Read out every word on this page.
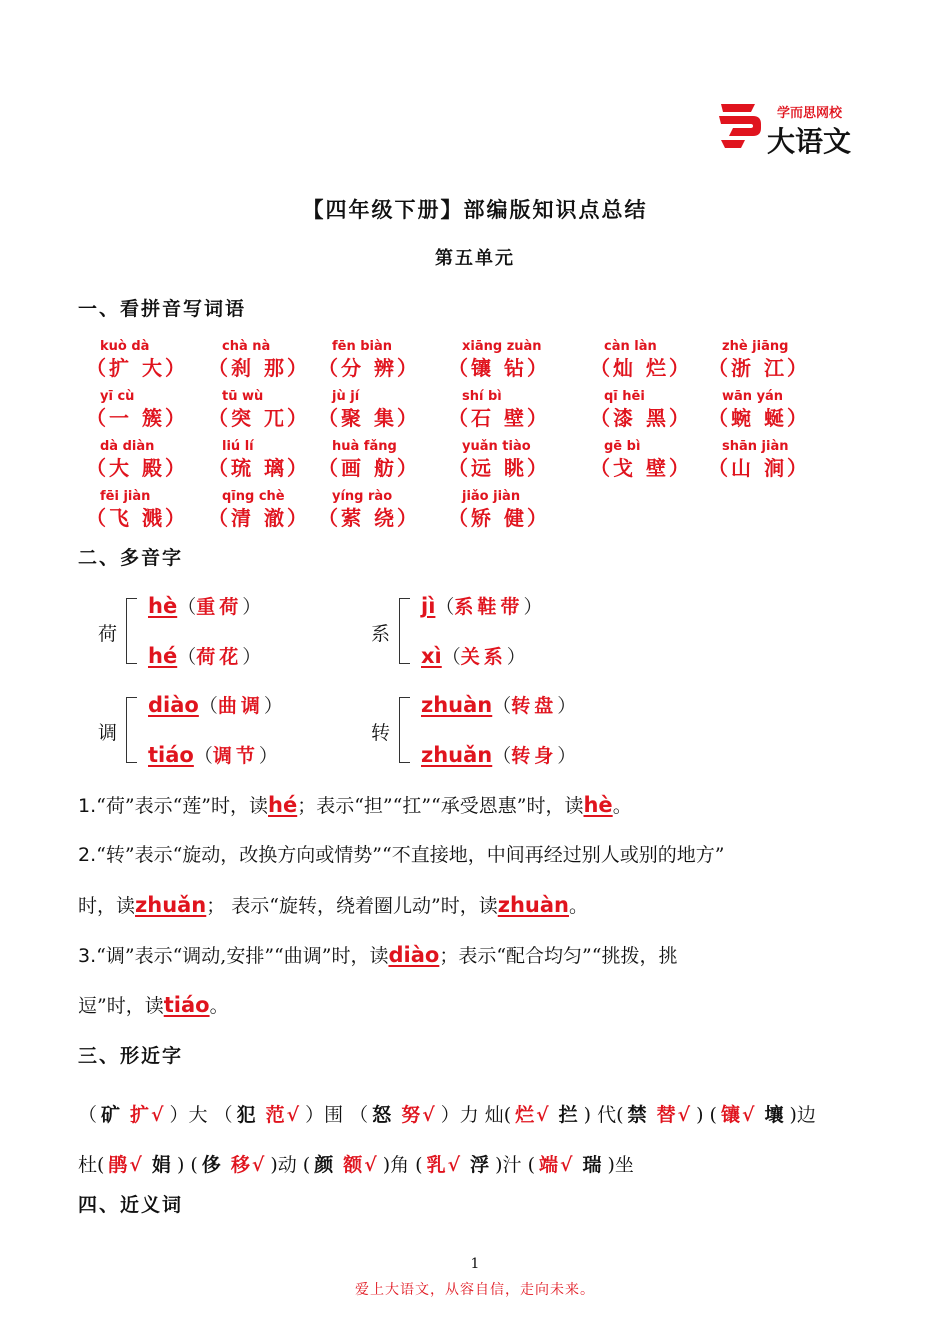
学而思网校
大语文
【四年级下册】部编版知识点总结
第五单元
一、看拼音写词语
kuò dà
（扩 大）
chà nà
（刹 那）
fēn biàn
（分 辨）
xiāng zuàn
（镶 钻）
càn làn
（灿 烂）
zhè jiāng
（浙 江）
yī cù
（一 簇）
tū wù
（突 兀）
jù jí
（聚 集）
shí bì
（石 壁）
qī hēi
（漆 黑）
wān yán
（蜿 蜒）
dà diàn
（大 殿）
liú lí
（琉 璃）
huà fǎng
（画 舫）
yuǎn tiào
（远 眺）
gē bì
（戈 壁）
shān jiàn
（山 涧）
fēi jiàn
（飞 溅）
qīng chè
（清 澈）
yíng rào
（萦 绕）
jiǎo jiàn
（矫 健）
二、多音字
荷
hè（重荷）
hé（荷花）
系
jì（系鞋带）
xì（关系）
调
diào（曲调）
tiáo（调节）
转
zhuàn（转盘）
zhuǎn（转身）
1.“荷”表示“莲”时，读hé；表示“担”“扛”“承受恩惠”时，读hè。
2.“转”表示“旋动，改换方向或情势”“不直接地，中间再经过别人或别的地方”
时，读zhuǎn； 表示“旋转，绕着圈儿动”时，读zhuàn。
3.“调”表示“调动,安排”“曲调”时，读diào；表示“配合均匀”“挑拨，挑
逗”时，读tiáo。
三、形近字
（ 矿 扩√ ）大 （ 犯 范√ ）围 （ 怒 努√ ）力 灿( 烂√ 拦 ) 代( 禁 替√ ) ( 镶√ 壤 )边
杜( 鹃√ 娟 ) ( 侈 移√ )动 ( 颜 额√ )角 ( 乳√ 浮 )汁 ( 端√ 瑞 )坐
四、近义词
1
爱上大语文，从容自信，走向未来。
